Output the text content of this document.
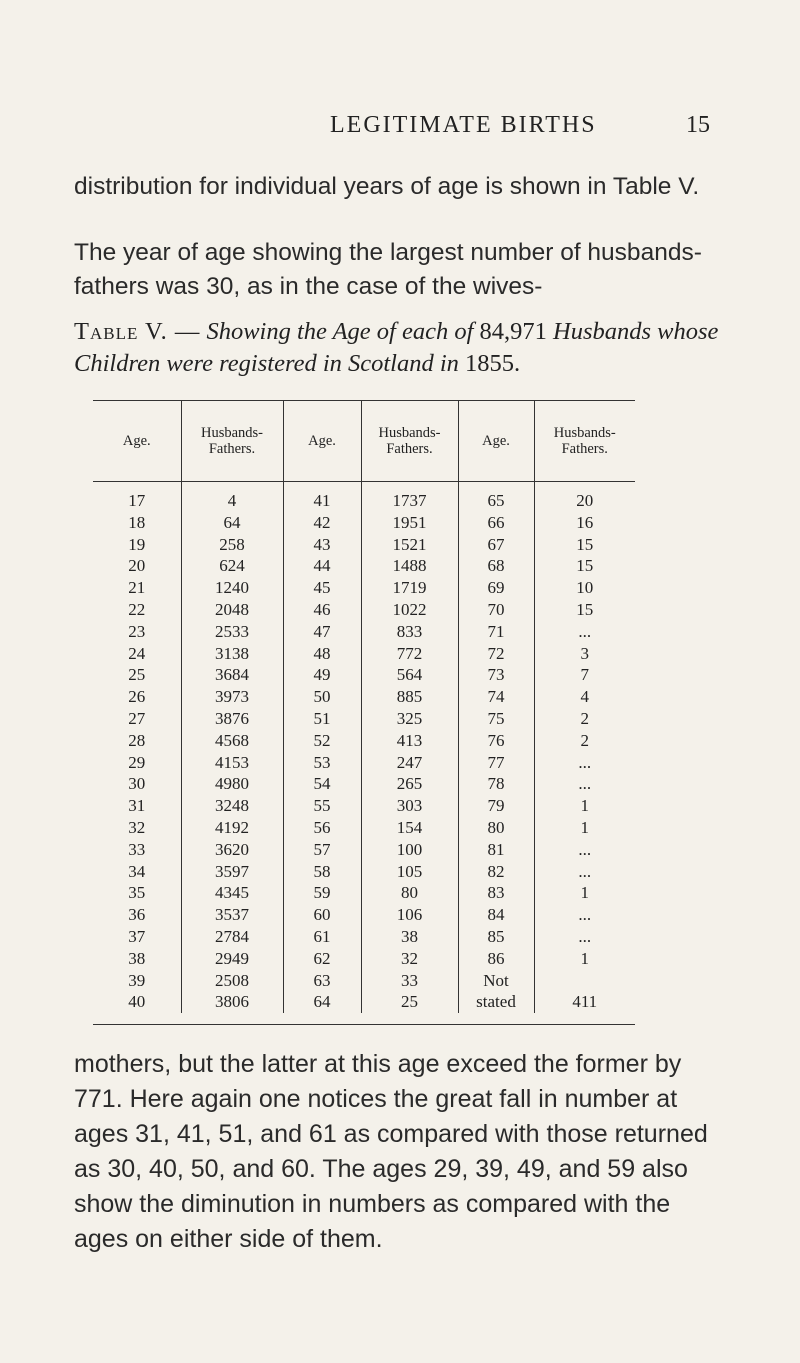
LEGITIMATE BIRTHS	15

distribution for individual years of age is shown in Table V.

The year of age showing the largest number of husbands-fathers was 30, as in the case of the wives-

Table V. — Showing the Age of each of 84,971 Husbands whose Children were registered in Scotland in 1855.
Age.	Husbands-Fathers.	Age.	Husbands-Fathers.	Age.	Husbands-Fathers.
17	4	41	1737	65	20
18	64	42	1951	66	16
19	258	43	1521	67	15
20	624	44	1488	68	15
21	1240	45	1719	69	10
22	2048	46	1022	70	15
23	2533	47	833	71	...
24	3138	48	772	72	3
25	3684	49	564	73	7
26	3973	50	885	74	4
27	3876	51	325	75	2
28	4568	52	413	76	2
29	4153	53	247	77	...
30	4980	54	265	78	...
31	3248	55	303	79	1
32	4192	56	154	80	1
33	3620	57	100	81	...
34	3597	58	105	82	...
35	4345	59	80	83	1
36	3537	60	106	84	...
37	2784	61	38	85	...
38	2949	62	32	86	1
39	2508	63	33	Not	
40	3806	64	25	stated	411

mothers, but the latter at this age exceed the former by 771. Here again one notices the great fall in number at ages 31, 41, 51, and 61 as compared with those returned as 30, 40, 50, and 60. The ages 29, 39, 49, and 59 also show the diminution in numbers as compared with the ages on either side of them.
